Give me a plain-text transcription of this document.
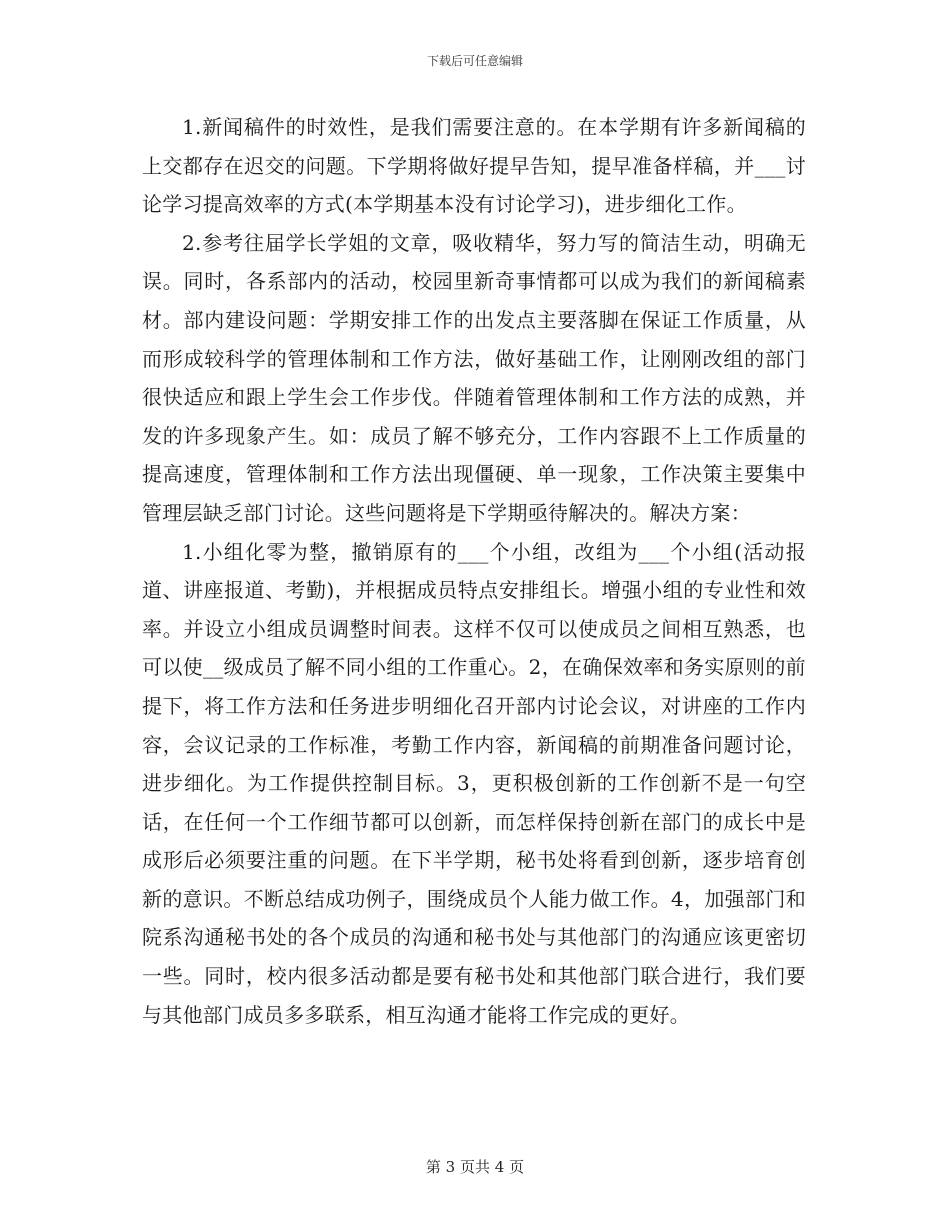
下载后可任意编辑

1.新闻稿件的时效性，是我们需要注意的。在本学期有许多新闻稿的上交都存在迟交的问题。下学期将做好提早告知，提早准备样稿，并___讨论学习提高效率的方式(本学期基本没有讨论学习)，进步细化工作。

2.参考往届学长学姐的文章，吸收精华，努力写的简洁生动，明确无误。同时，各系部内的活动，校园里新奇事情都可以成为我们的新闻稿素材。部内建设问题：学期安排工作的出发点主要落脚在保证工作质量，从而形成较科学的管理体制和工作方法，做好基础工作，让刚刚改组的部门很快适应和跟上学生会工作步伐。伴随着管理体制和工作方法的成熟，并发的许多现象产生。如：成员了解不够充分，工作内容跟不上工作质量的提高速度，管理体制和工作方法出现僵硬、单一现象，工作决策主要集中管理层缺乏部门讨论。这些问题将是下学期亟待解决的。解决方案：

1.小组化零为整，撤销原有的___个小组，改组为___个小组(活动报道、讲座报道、考勤)，并根据成员特点安排组长。增强小组的专业性和效率。并设立小组成员调整时间表。这样不仅可以使成员之间相互熟悉，也可以使__级成员了解不同小组的工作重心。2，在确保效率和务实原则的前提下，将工作方法和任务进步明细化召开部内讨论会议，对讲座的工作内容，会议记录的工作标准，考勤工作内容，新闻稿的前期准备问题讨论，进步细化。为工作提供控制目标。3，更积极创新的工作创新不是一句空话，在任何一个工作细节都可以创新，而怎样保持创新在部门的成长中是成形后必须要注重的问题。在下半学期，秘书处将看到创新，逐步培育创新的意识。不断总结成功例子，围绕成员个人能力做工作。4，加强部门和院系沟通秘书处的各个成员的沟通和秘书处与其他部门的沟通应该更密切一些。同时，校内很多活动都是要有秘书处和其他部门联合进行，我们要与其他部门成员多多联系，相互沟通才能将工作完成的更好。

第 3 页共 4 页
